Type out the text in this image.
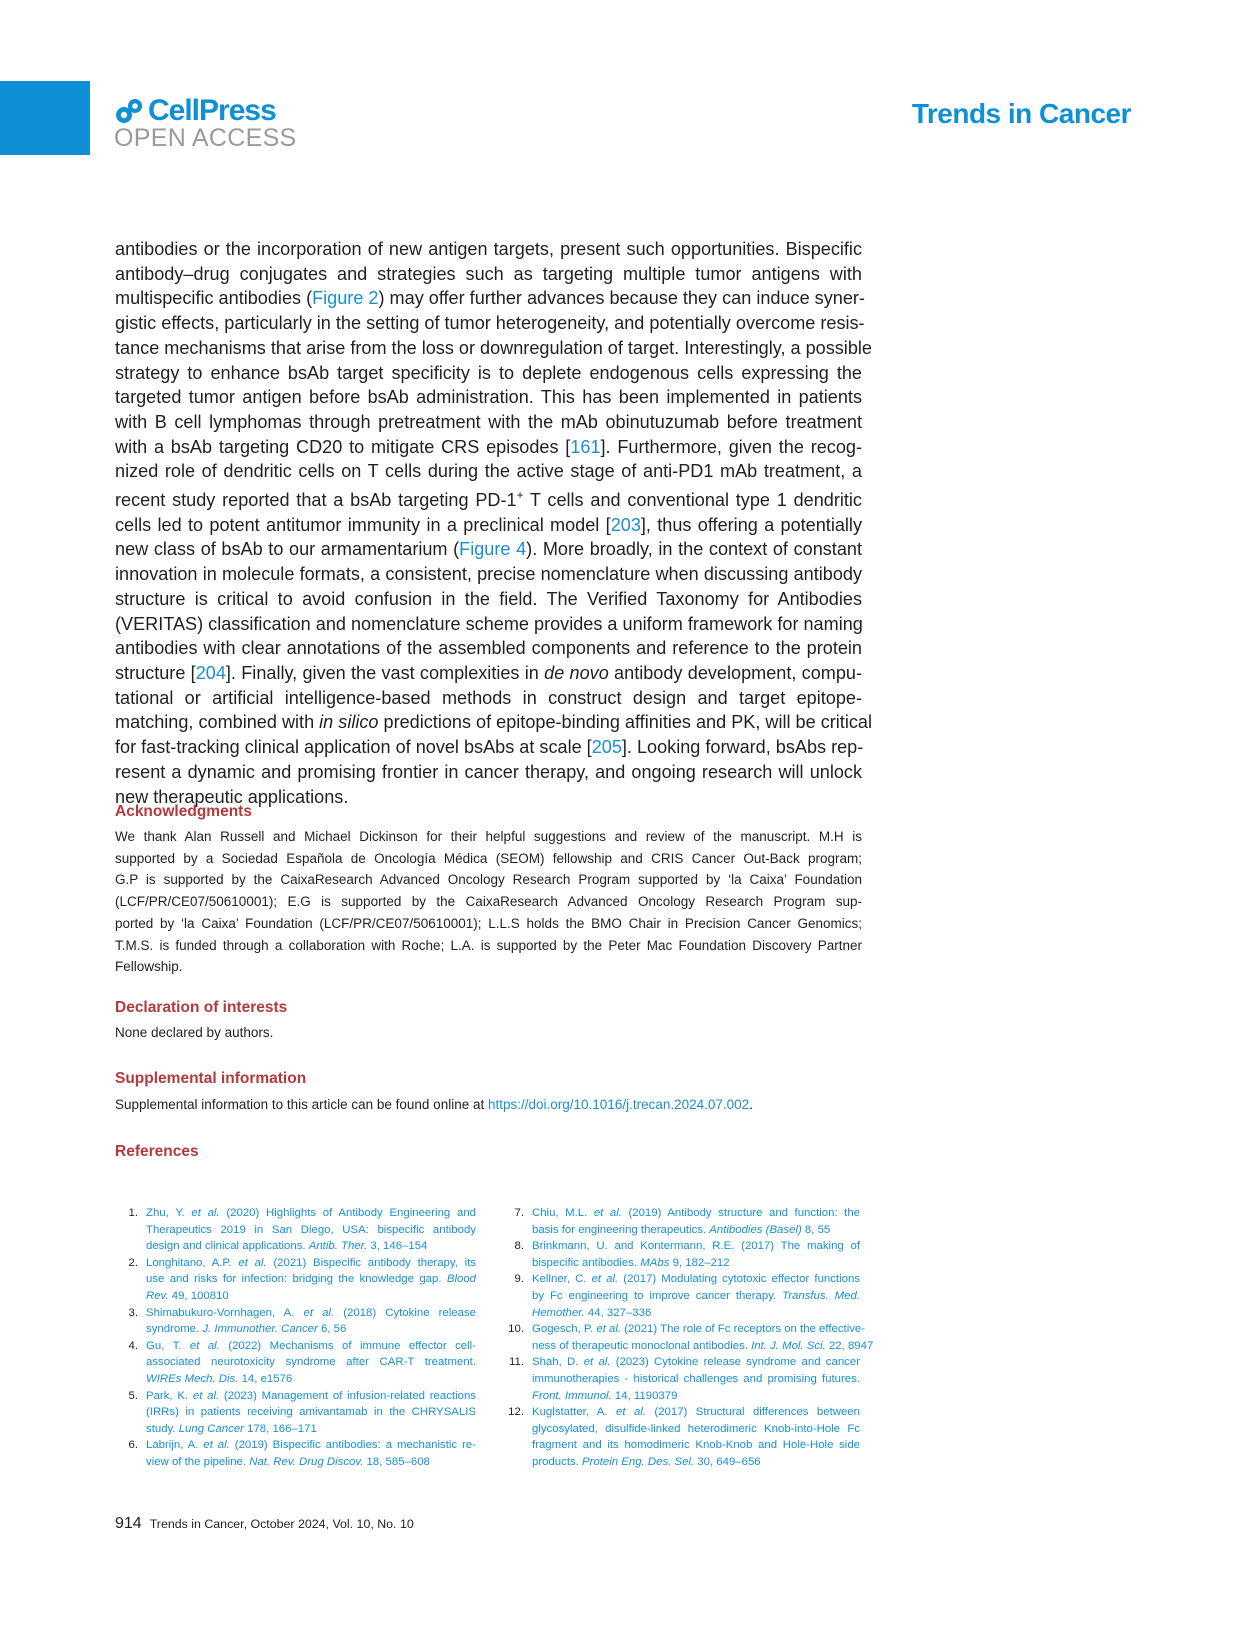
CellPress
OPEN ACCESS
Trends in Cancer

antibodies or the incorporation of new antigen targets, present such opportunities. Bispecific
antibody–drug conjugates and strategies such as targeting multiple tumor antigens with
multispecific antibodies (Figure 2) may offer further advances because they can induce syner-
gistic effects, particularly in the setting of tumor heterogeneity, and potentially overcome resis-
tance mechanisms that arise from the loss or downregulation of target. Interestingly, a possible
strategy to enhance bsAb target specificity is to deplete endogenous cells expressing the
targeted tumor antigen before bsAb administration. This has been implemented in patients
with B cell lymphomas through pretreatment with the mAb obinutuzumab before treatment
with a bsAb targeting CD20 to mitigate CRS episodes [161]. Furthermore, given the recog-
nized role of dendritic cells on T cells during the active stage of anti-PD1 mAb treatment, a
recent study reported that a bsAb targeting PD-1+ T cells and conventional type 1 dendritic
cells led to potent antitumor immunity in a preclinical model [203], thus offering a potentially
new class of bsAb to our armamentarium (Figure 4). More broadly, in the context of constant
innovation in molecule formats, a consistent, precise nomenclature when discussing antibody
structure is critical to avoid confusion in the field. The Verified Taxonomy for Antibodies
(VERITAS) classification and nomenclature scheme provides a uniform framework for naming
antibodies with clear annotations of the assembled components and reference to the protein
structure [204]. Finally, given the vast complexities in de novo antibody development, compu-
tational or artificial intelligence-based methods in construct design and target epitope-
matching, combined with in silico predictions of epitope-binding affinities and PK, will be critical
for fast-tracking clinical application of novel bsAbs at scale [205]. Looking forward, bsAbs rep-
resent a dynamic and promising frontier in cancer therapy, and ongoing research will unlock
new therapeutic applications.

Acknowledgments

We thank Alan Russell and Michael Dickinson for their helpful suggestions and review of the manuscript. M.H is
supported by a Sociedad Española de Oncología Médica (SEOM) fellowship and CRIS Cancer Out-Back program;
G.P is supported by the CaixaResearch Advanced Oncology Research Program supported by ‘la Caixa’ Foundation
(LCF/PR/CE07/50610001); E.G is supported by the CaixaResearch Advanced Oncology Research Program sup-
ported by ‘la Caixa’ Foundation (LCF/PR/CE07/50610001); L.L.S holds the BMO Chair in Precision Cancer Genomics;
T.M.S. is funded through a collaboration with Roche; L.A. is supported by the Peter Mac Foundation Discovery Partner
Fellowship.

Declaration of interests

None declared by authors.

Supplemental information

Supplemental information to this article can be found online at https://doi.org/10.1016/j.trecan.2024.07.002.

References
1. Zhu, Y. et al. (2020) Highlights of Antibody Engineering and
Therapeutics 2019 in San Diego, USA: bispecific antibody
design and clinical applications. Antib. Ther. 3, 146–154
2. Longhitano, A.P. et al. (2021) Bispecific antibody therapy, its
use and risks for infection: bridging the knowledge gap. Blood
Rev. 49, 100810
3. Shimabukuro-Vornhagen, A. et al. (2018) Cytokine release
syndrome. J. Immunother. Cancer 6, 56
4. Gu, T. et al. (2022) Mechanisms of immune effector cell-
associated neurotoxicity syndrome after CAR-T treatment.
WIREs Mech. Dis. 14, e1576
5. Park, K. et al. (2023) Management of infusion-related reactions
(IRRs) in patients receiving amivantamab in the CHRYSALIS
study. Lung Cancer 178, 166–171
6. Labrijn, A. et al. (2019) Bispecific antibodies: a mechanistic re-
view of the pipeline. Nat. Rev. Drug Discov. 18, 585–608
7. Chiu, M.L. et al. (2019) Antibody structure and function: the
basis for engineering therapeutics. Antibodies (Basel) 8, 55
8. Brinkmann, U. and Kontermann, R.E. (2017) The making of
bispecific antibodies. MAbs 9, 182–212
9. Kellner, C. et al. (2017) Modulating cytotoxic effector functions
by Fc engineering to improve cancer therapy. Transfus. Med.
Hemother. 44, 327–336
10. Gogesch, P. et al. (2021) The role of Fc receptors on the effective-
ness of therapeutic monoclonal antibodies. Int. J. Mol. Sci. 22, 8947
11. Shah, D. et al. (2023) Cytokine release syndrome and cancer
immunotherapies - historical challenges and promising futures.
Front. Immunol. 14, 1190379
12. Kuglstatter, A. et al. (2017) Structural differences between
glycosylated, disulfide-linked heterodimeric Knob-into-Hole Fc
fragment and its homodimeric Knob-Knob and Hole-Hole side
products. Protein Eng. Des. Sel. 30, 649–656
914 Trends in Cancer, October 2024, Vol. 10, No. 10
